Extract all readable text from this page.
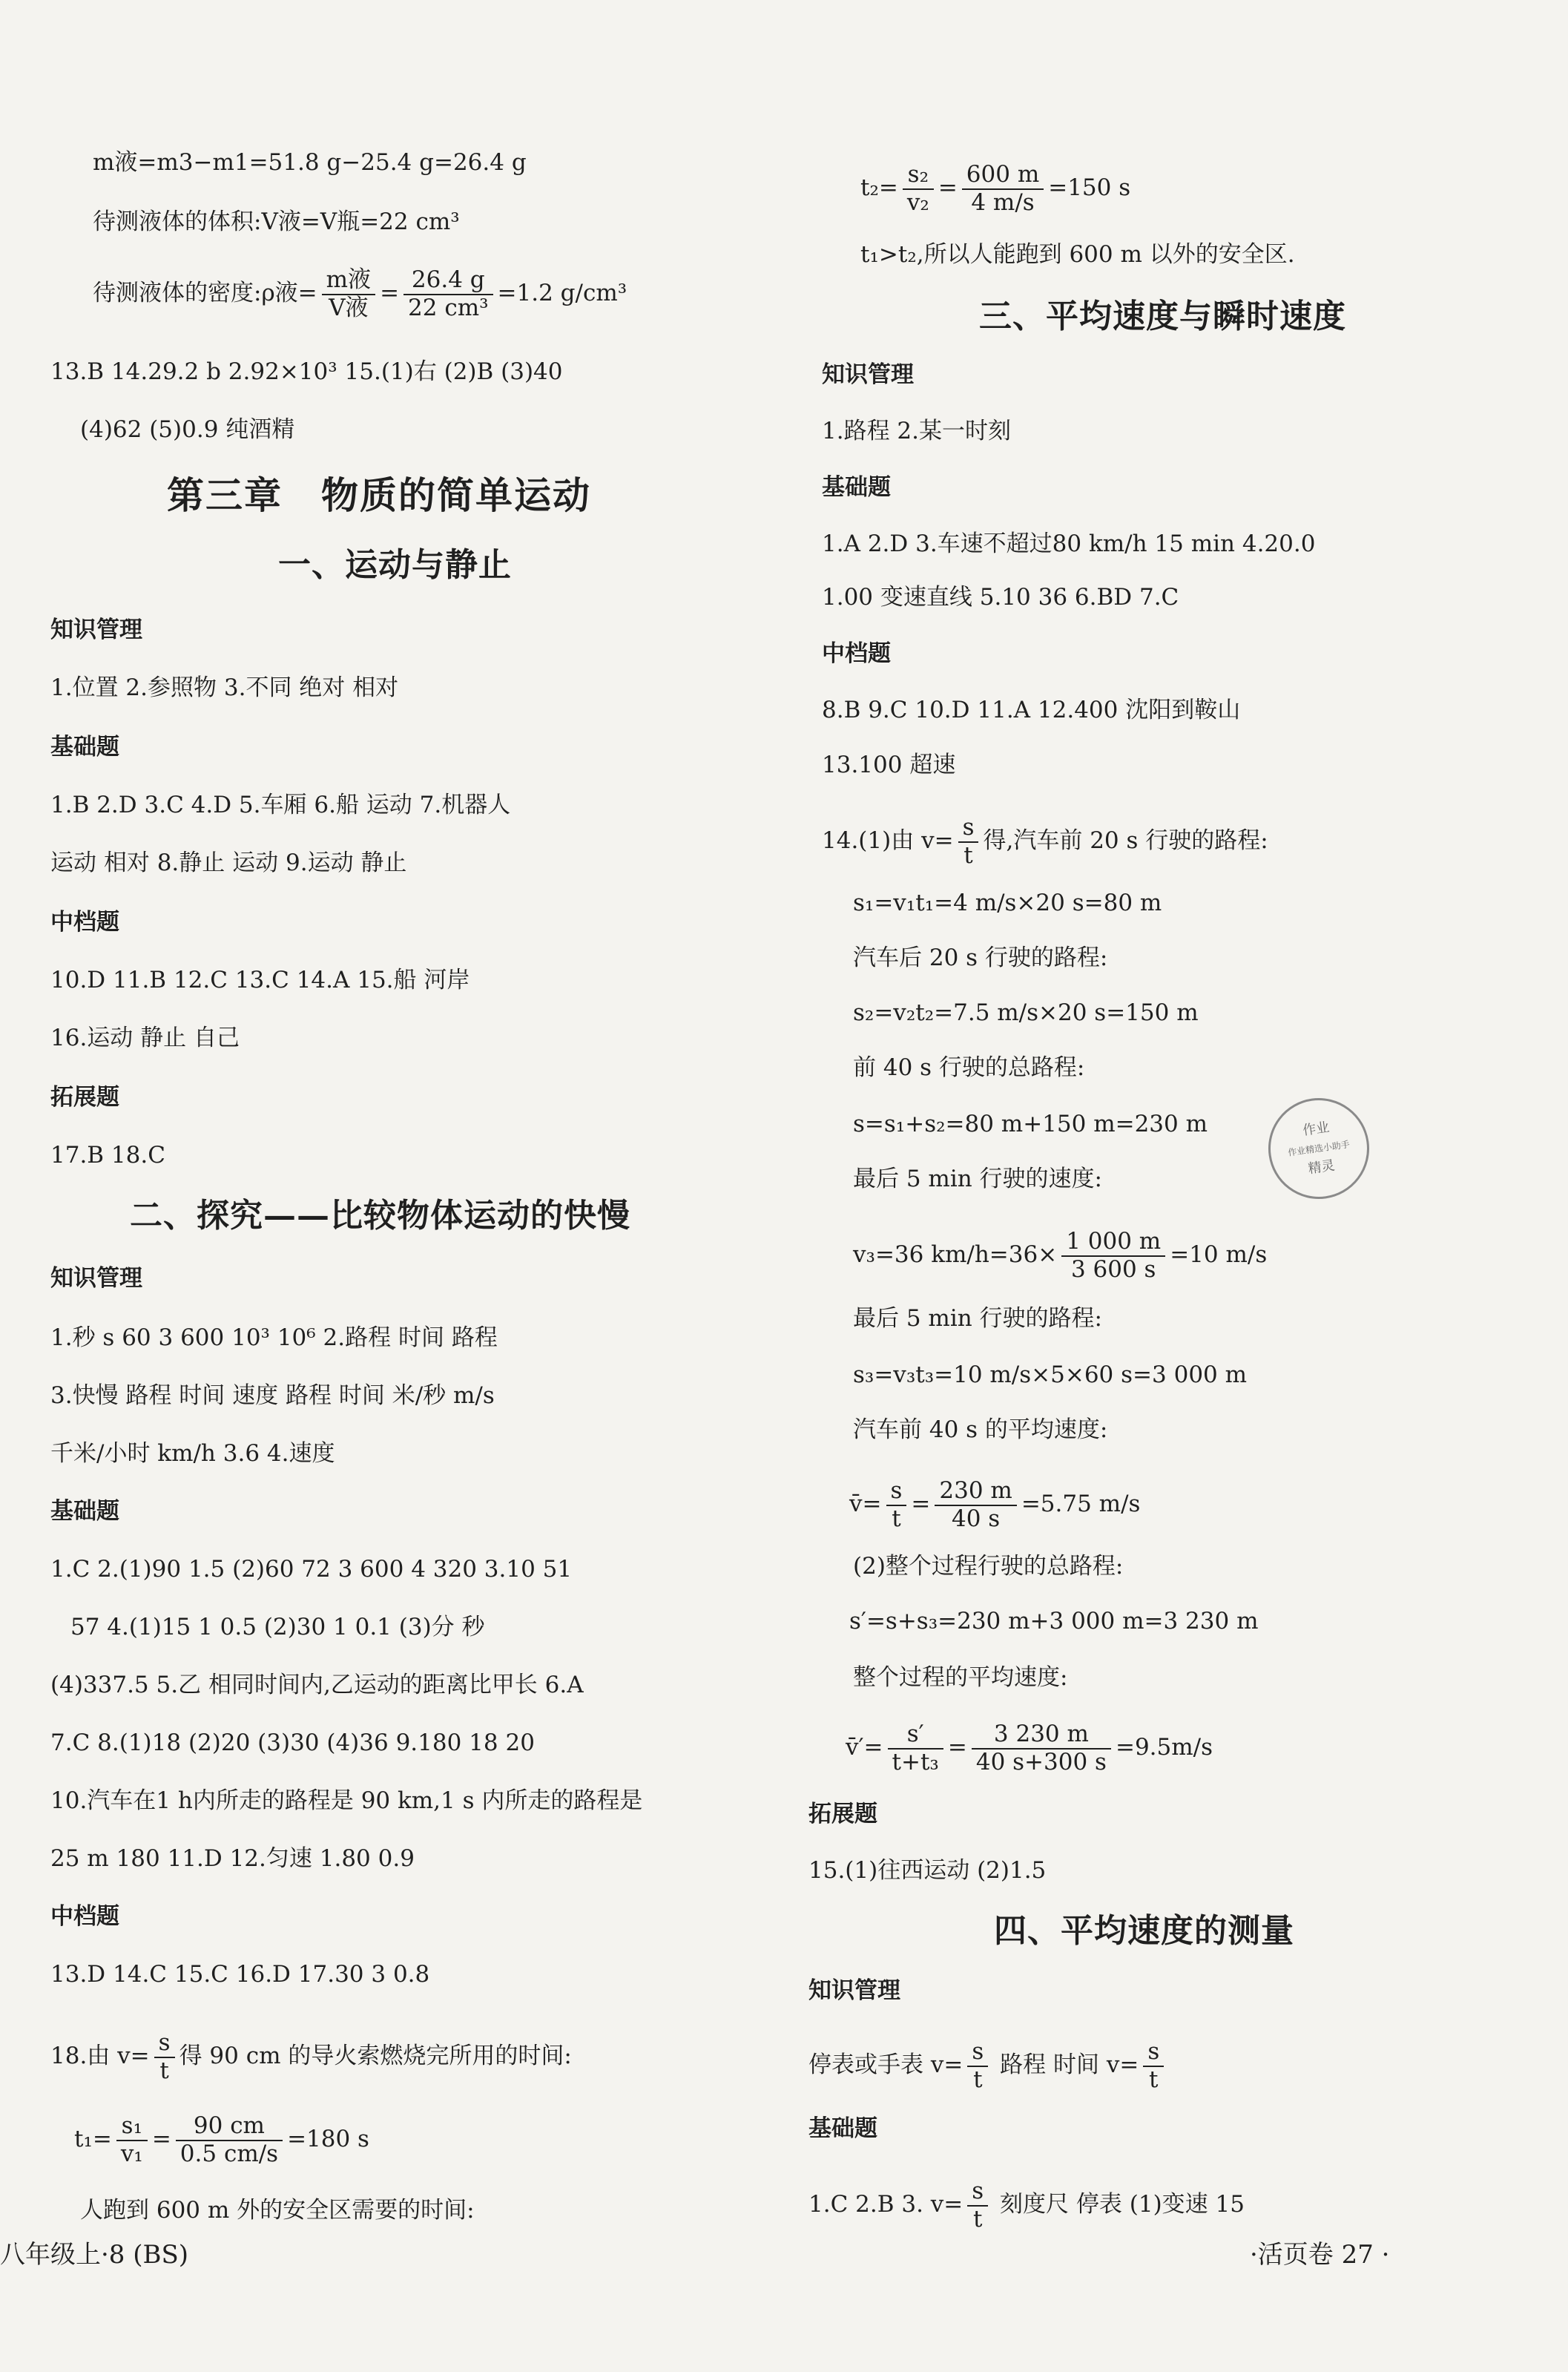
m液=m3−m1=51.8 g−25.4 g=26.4 g
待测液体的体积:V液=V瓶=22 cm³
待测液体的密度:ρ液= $\frac{\text{m液}}{\text{V液}} = \frac{26.4 g}{\text{22 cm³}} =1.2$ g/cm³
13.B 14.29.2 b 2.92×10³ 15.(1)右 (2)B (3)40
(4)62 (5)0.9 纯酒精
第三章　物质的简单运动
一、运动与静止
知识管理
1.位置 2.参照物 3.不同 绝对 相对
基础题
1.B 2.D 3.C 4.D 5.车厢 6.船 运动 7.机器人
运动 相对 8.静止 运动 9.运动 静止
中档题
10.D 11.B 12.C 13.C 14.A 15.船 河岸
16.运动 静止 自己
拓展题
17.B 18.C
二、探究——比较物体运动的快慢
知识管理
1.秒 s 60 3 600 10³ 10⁶ 2.路程 时间 路程
3.快慢 路程 时间 速度 路程 时间 米/秒 m/s
千米/小时 km/h 3.6 4.速度
基础题
1.C 2.(1)90 1.5 (2)60 72 3 600 4 320 3.10 51
57 4.(1)15 1 0.5 (2)30 1 0.1 (3)分 秒
(4)337.5 5.乙 相同时间内,乙运动的距离比甲长 6.A
7.C 8.(1)18 (2)20 (3)30 (4)36 9.180 18 20
10.汽车在1 h内所走的路程是 90 km,1 s 内所走的路程是
25 m 180 11.D 12.匀速 1.80 0.9
中档题
13.D 14.C 15.C 16.D 17.30 3 0.8
18.由 $v= \frac{s}{t}$ 得 90 cm 的导火索燃烧完所用的时间:
$t_1= \frac{\text{s₁}}{\text{v₁}} = \frac{90 cm}{0.5 cm/s} =180$ s
人跑到 600 m 外的安全区需要的时间:
八年级上·8 (BS)
$t_2= \frac{\text{s₂}}{\text{v₂}} = \frac{600 m}{4 m/s} =150$ s
t₁>t₂,所以人能跑到 600 m 以外的安全区.
三、平均速度与瞬时速度
知识管理
1.路程 2.某一时刻
基础题
1.A 2.D 3.车速不超过80 km/h 15 min 4.20.0
1.00 变速直线 5.10 36 6.BD 7.C
中档题
8.B 9.C 10.D 11.A 12.400 沈阳到鞍山
13.100 超速
14.(1)由 $v= \frac{s}{t}$ 得,汽车前 20 s 行驶的路程:
s₁=v₁t₁=4 m/s×20 s=80 m
汽车后 20 s 行驶的路程:
s₂=v₂t₂=7.5 m/s×20 s=150 m
前 40 s 行驶的总路程:
s=s₁+s₂=80 m+150 m=230 m
最后 5 min 行驶的速度:
v₃=36 $km/h=36\times \frac{1 000 m}{3 600 s} =10$ m/s
最后 5 min 行驶的路程:
s₃=v₃t₃=10 m/s×5×60 s=3 000 m
汽车前 40 s 的平均速度:
v̄= $\frac{s}{t} = \frac{230 m}{40 s} =5.75$ m/s
(2)整个过程行驶的总路程:
s′=s+s₃=230 m+3 000 m=3 230 m
整个过程的平均速度:
v̄′= $\frac{s'}{\text{t+t₃}} = \frac{3 230 m}{40 s+300 s} =9.5m/s$
拓展题
15.(1)往西运动 (2)1.5
四、平均速度的测量
知识管理
停表或手表 $v= \frac{s}{t}$ 路程 时间 $v= \frac{s}{t}$
基础题
1.C 2.B 3. $v= \frac{s}{t}$ 刻度尺 停表 (1)变速 15
·活页卷 27 ·
作业
作业精选小助手
精灵
